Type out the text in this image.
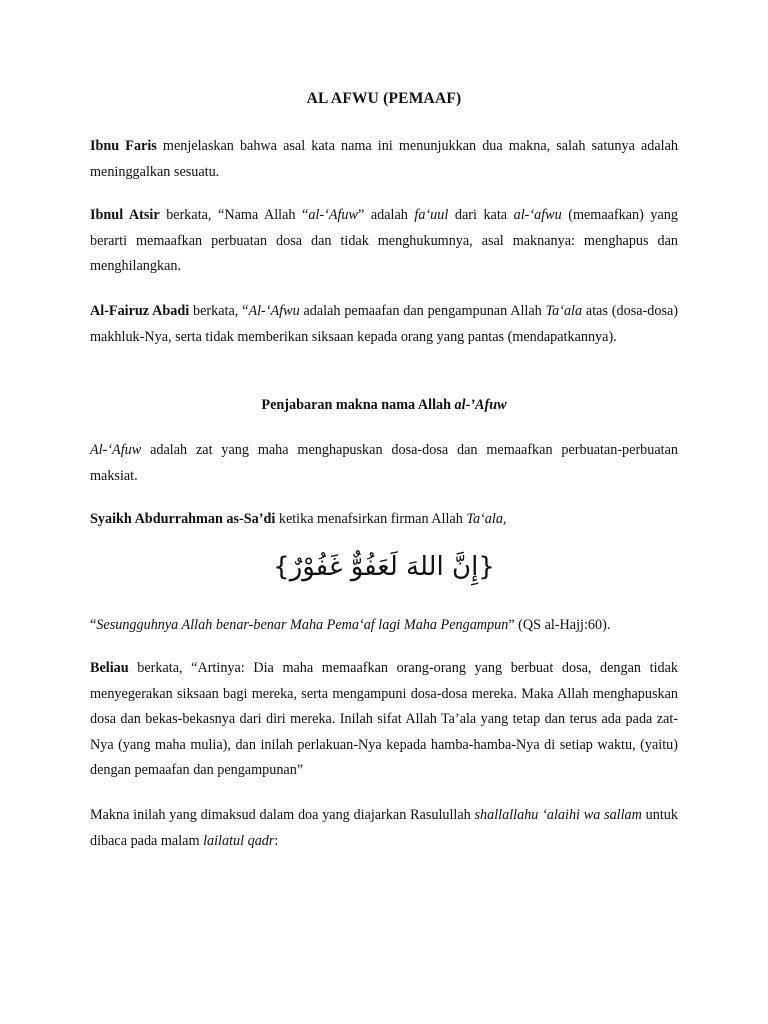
AL AFWU (PEMAAF)

Ibnu Faris menjelaskan bahwa asal kata nama ini menunjukkan dua makna, salah satunya adalah meninggalkan sesuatu.

Ibnul Atsir berkata, “Nama Allah “al-‘Afuw” adalah fa‘uul dari kata al-‘afwu (memaafkan) yang berarti memaafkan perbuatan dosa dan tidak menghukumnya, asal maknanya: menghapus dan menghilangkan.

Al-Fairuz Abadi berkata, “Al-‘Afwu adalah pemaafan dan pengampunan Allah Ta‘ala atas (dosa-dosa) makhluk-Nya, serta tidak memberikan siksaan kepada orang yang pantas (mendapatkannya).

Penjabaran makna nama Allah al-’Afuw

Al-‘Afuw adalah zat yang maha menghapuskan dosa-dosa dan memaafkan perbuatan-perbuatan maksiat.

Syaikh Abdurrahman as-Sa’di ketika menafsirkan firman Allah Ta‘ala,

{إِنَّ اللهَ لَعَفُوٌّ غَفُوْرٌ}

“Sesungguhnya Allah benar-benar Maha Pema‘af lagi Maha Pengampun” (QS al-Hajj:60).

Beliau berkata, “Artinya: Dia maha memaafkan orang-orang yang berbuat dosa, dengan tidak menyegerakan siksaan bagi mereka, serta mengampuni dosa-dosa mereka. Maka Allah menghapuskan dosa dan bekas-bekasnya dari diri mereka. Inilah sifat Allah Ta’ala yang tetap dan terus ada pada zat-Nya (yang maha mulia), dan inilah perlakuan-Nya kepada hamba-hamba-Nya di setiap waktu, (yaitu) dengan pemaafan dan pengampunan”

Makna inilah yang dimaksud dalam doa yang diajarkan Rasulullah shallallahu ‘alaihi wa sallam untuk dibaca pada malam lailatul qadr:
